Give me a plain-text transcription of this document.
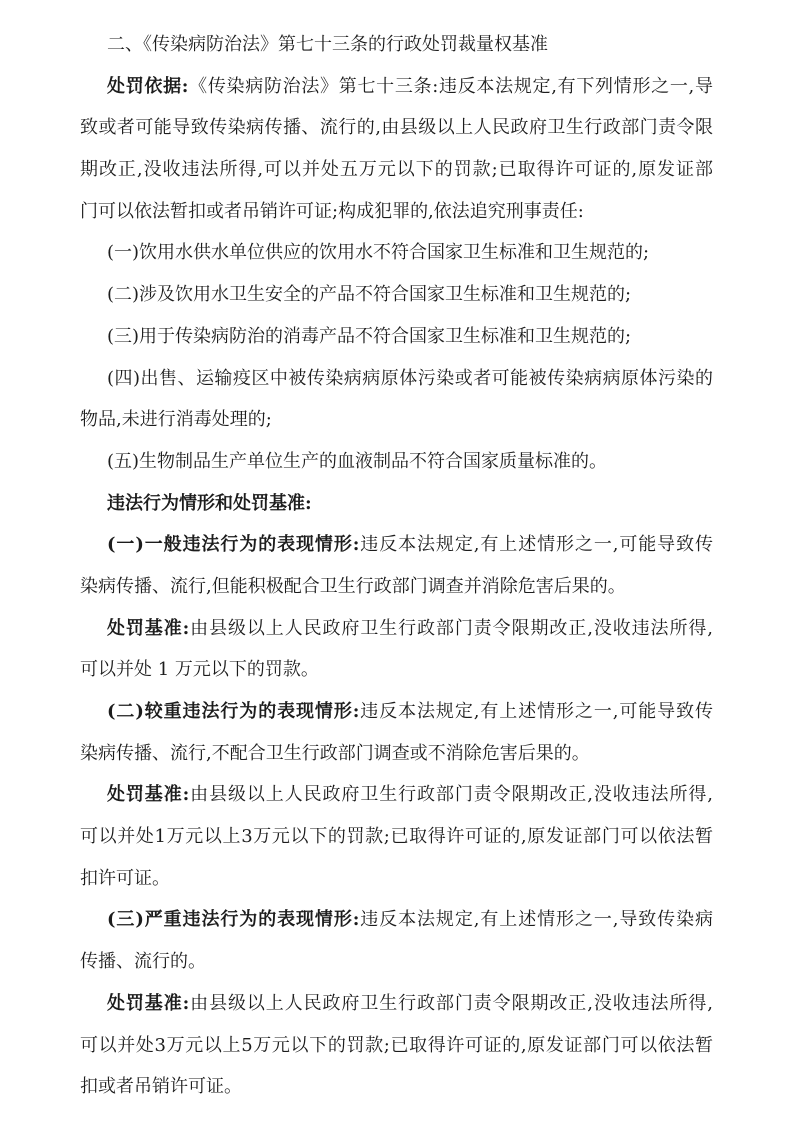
二、《传染病防治法》第七十三条的行政处罚裁量权基准
处罚依据:《传染病防治法》第七十三条:违反本法规定,有下列情形之一,导
致或者可能导致传染病传播、流行的,由县级以上人民政府卫生行政部门责令限
期改正,没收违法所得,可以并处五万元以下的罚款;已取得许可证的,原发证部
门可以依法暂扣或者吊销许可证;构成犯罪的,依法追究刑事责任:
(一)饮用水供水单位供应的饮用水不符合国家卫生标准和卫生规范的;
(二)涉及饮用水卫生安全的产品不符合国家卫生标准和卫生规范的;
(三)用于传染病防治的消毒产品不符合国家卫生标准和卫生规范的;
(四)出售、运输疫区中被传染病病原体污染或者可能被传染病病原体污染的
物品,未进行消毒处理的;
(五)生物制品生产单位生产的血液制品不符合国家质量标准的。
违法行为情形和处罚基准:
(一)一般违法行为的表现情形:违反本法规定,有上述情形之一,可能导致传
染病传播、流行,但能积极配合卫生行政部门调查并消除危害后果的。
处罚基准:由县级以上人民政府卫生行政部门责令限期改正,没收违法所得,
可以并处 1 万元以下的罚款。
(二)较重违法行为的表现情形:违反本法规定,有上述情形之一,可能导致传
染病传播、流行,不配合卫生行政部门调查或不消除危害后果的。
处罚基准:由县级以上人民政府卫生行政部门责令限期改正,没收违法所得,
可以并处1万元以上3万元以下的罚款;已取得许可证的,原发证部门可以依法暂
扣许可证。
(三)严重违法行为的表现情形:违反本法规定,有上述情形之一,导致传染病
传播、流行的。
处罚基准:由县级以上人民政府卫生行政部门责令限期改正,没收违法所得,
可以并处3万元以上5万元以下的罚款;已取得许可证的,原发证部门可以依法暂
扣或者吊销许可证。
